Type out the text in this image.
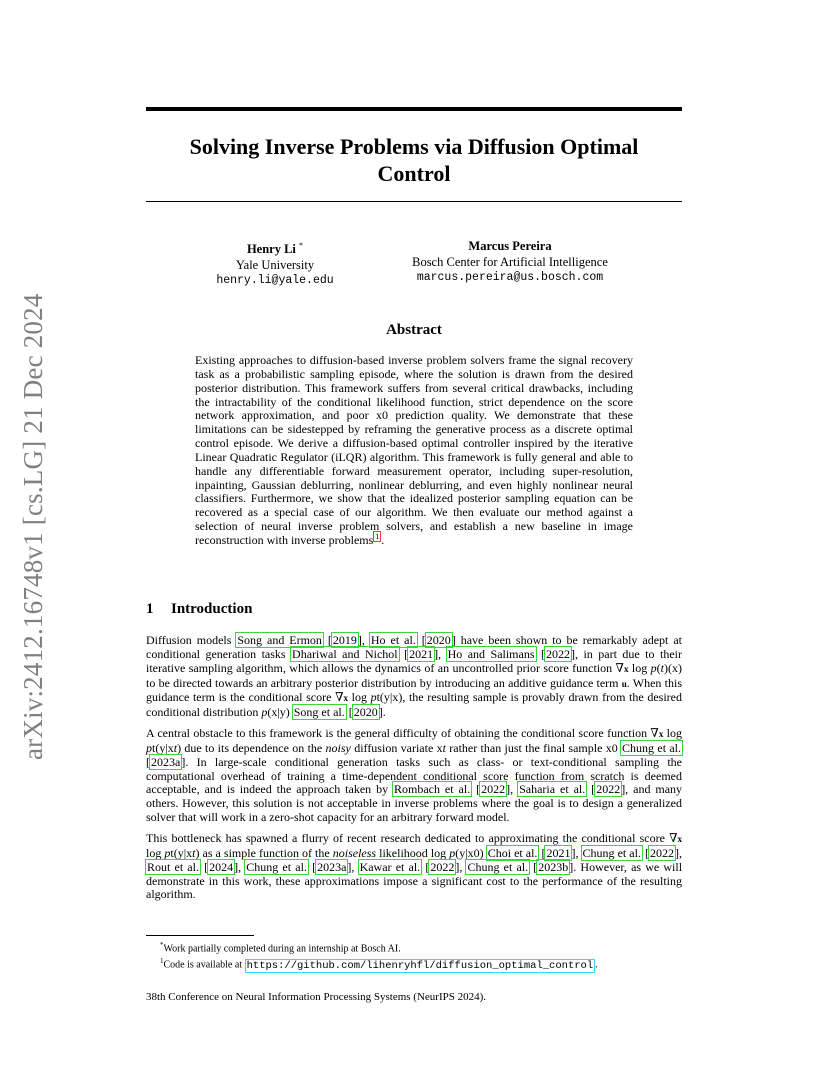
arXiv:2412.16748v1 [cs.LG] 21 Dec 2024
Solving Inverse Problems via Diffusion Optimal
Control
Henry Li *
Yale University
henry.li@yale.edu
Marcus Pereira
Bosch Center for Artificial Intelligence
marcus.pereira@us.bosch.com
Abstract
Existing approaches to diffusion-based inverse problem solvers frame the signal recovery task as a probabilistic sampling episode, where the solution is drawn from the desired posterior distribution. This framework suffers from several critical drawbacks, including the intractability of the conditional likelihood function, strict dependence on the score network approximation, and poor x0 prediction quality. We demonstrate that these limitations can be sidestepped by reframing the generative process as a discrete optimal control episode. We derive a diffusion-based optimal controller inspired by the iterative Linear Quadratic Regulator (iLQR) algorithm. This framework is fully general and able to handle any differentiable forward measurement operator, including super-resolution, inpainting, Gaussian deblurring, nonlinear deblurring, and even highly nonlinear neural classifiers. Furthermore, we show that the idealized posterior sampling equation can be recovered as a special case of our algorithm. We then evaluate our method against a selection of neural inverse problem solvers, and establish a new baseline in image reconstruction with inverse problems $^1$ .
1 Introduction

Diffusion models Song and Ermon [2019], Ho et al. [2020] have been shown to be remarkably adept at conditional generation tasks Dhariwal and Nichol [2021], Ho and Salimans [2022], in part due to their iterative sampling algorithm, which allows the dynamics of an uncontrolled prior score function ∇x log p(t)(x) to be directed towards an arbitrary posterior distribution by introducing an additive guidance term u. When this guidance term is the conditional score ∇x log pt(y|x), the resulting sample is provably drawn from the desired conditional distribution p(x|y) Song et al. [2020].

A central obstacle to this framework is the general difficulty of obtaining the conditional score function ∇x log pt(y|xt) due to its dependence on the noisy diffusion variate xt rather than just the final sample x0 Chung et al. [2023a]. In large-scale conditional generation tasks such as class- or text-conditional sampling the computational overhead of training a time-dependent conditional score function from scratch is deemed acceptable, and is indeed the approach taken by Rombach et al. [2022], Saharia et al. [2022], and many others. However, this solution is not acceptable in inverse problems where the goal is to design a generalized solver that will work in a zero-shot capacity for an arbitrary forward model.

This bottleneck has spawned a flurry of recent research dedicated to approximating the conditional score ∇x log pt(y|xt) as a simple function of the noiseless likelihood log p(y|x0) Choi et al. [2021], Chung et al. [2022], Rout et al. [2024], Chung et al. [2023a], Kawar et al. [2022], Chung et al. [2023b]. However, as we will demonstrate in this work, these approximations impose a significant cost to the performance of the resulting algorithm.

*Work partially completed during an internship at Bosch AI.
$^1$Code is available at https://github.com/lihenryhfl/diffusion_optimal_control .
38th Conference on Neural Information Processing Systems (NeurIPS 2024).
